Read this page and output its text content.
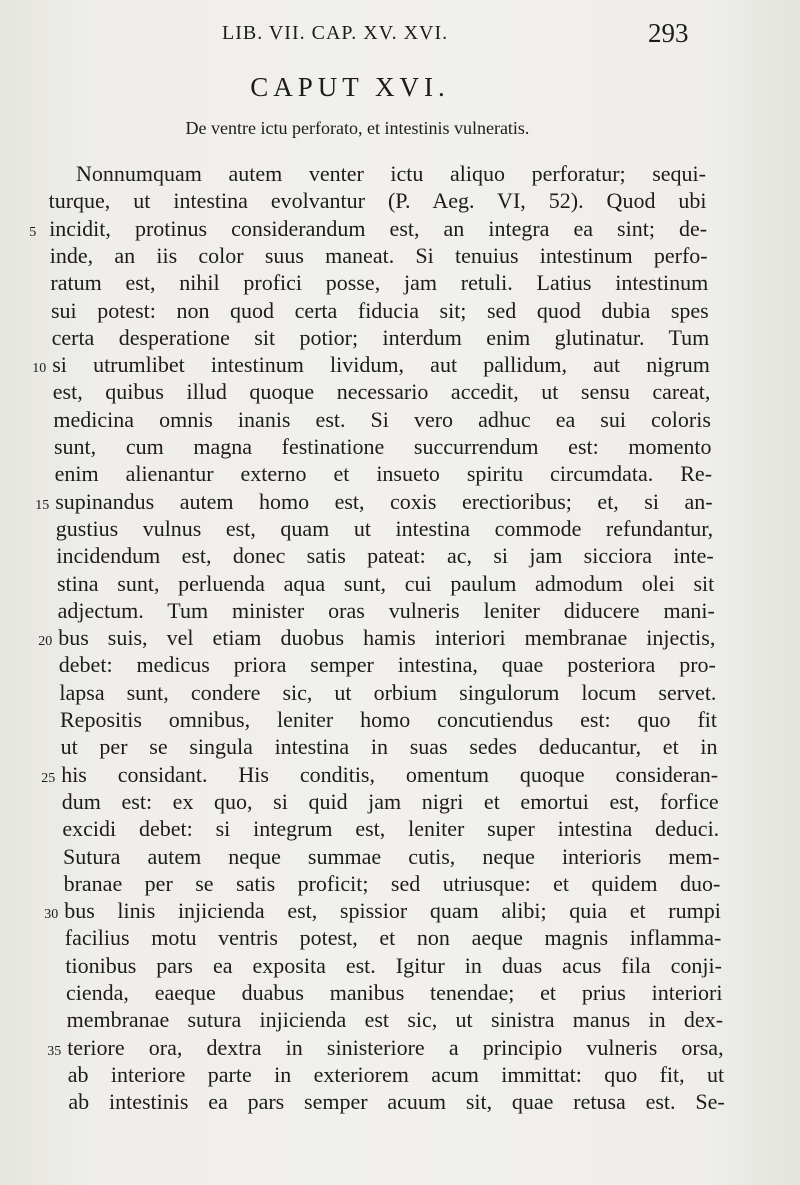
LIB. VII. CAP. XV. XVI.	293
CAPUT XVI.
De ventre ictu perforato, et intestinis vulneratis.
Nonnumquam autem venter ictu aliquo perforatur; sequi-
turque, ut intestina evolvantur (P. Aeg. VI, 52). Quod ubi
5 incidit, protinus considerandum est, an integra ea sint; de-
inde, an iis color suus maneat. Si tenuius intestinum perfo-
ratum est, nihil profici posse, jam retuli. Latius intestinum
sui potest: non quod certa fiducia sit; sed quod dubia spes
certa desperatione sit potior; interdum enim glutinatur. Tum
10 si utrumlibet intestinum lividum, aut pallidum, aut nigrum
est, quibus illud quoque necessario accedit, ut sensu careat,
medicina omnis inanis est. Si vero adhuc ea sui coloris
sunt, cum magna festinatione succurrendum est: momento
enim alienantur externo et insueto spiritu circumdata. Re-
15 supinandus autem homo est, coxis erectioribus; et, si an-
gustius vulnus est, quam ut intestina commode refundantur,
incidendum est, donec satis pateat: ac, si jam sicciora inte-
stina sunt, perluenda aqua sunt, cui paulum admodum olei sit
adjectum. Tum minister oras vulneris leniter diducere mani-
20 bus suis, vel etiam duobus hamis interiori membranae injectis,
debet: medicus priora semper intestina, quae posteriora pro-
lapsa sunt, condere sic, ut orbium singulorum locum servet.
Repositis omnibus, leniter homo concutiendus est: quo fit
ut per se singula intestina in suas sedes deducantur, et in
25 his considant. His conditis, omentum quoque consideran-
dum est: ex quo, si quid jam nigri et emortui est, forfice
excidi debet: si integrum est, leniter super intestina deduci.
Sutura autem neque summae cutis, neque interioris mem-
branae per se satis proficit; sed utriusque: et quidem duo-
30 bus linis injicienda est, spissior quam alibi; quia et rumpi
facilius motu ventris potest, et non aeque magnis inflamma-
tionibus pars ea exposita est. Igitur in duas acus fila conji-
cienda, eaeque duabus manibus tenendae; et prius interiori
membranae sutura injicienda est sic, ut sinistra manus in dex-
35 teriore ora, dextra in sinisteriore a principio vulneris orsa,
ab interiore parte in exteriorem acum immittat: quo fit, ut
ab intestinis ea pars semper acuum sit, quae retusa est. Se-
